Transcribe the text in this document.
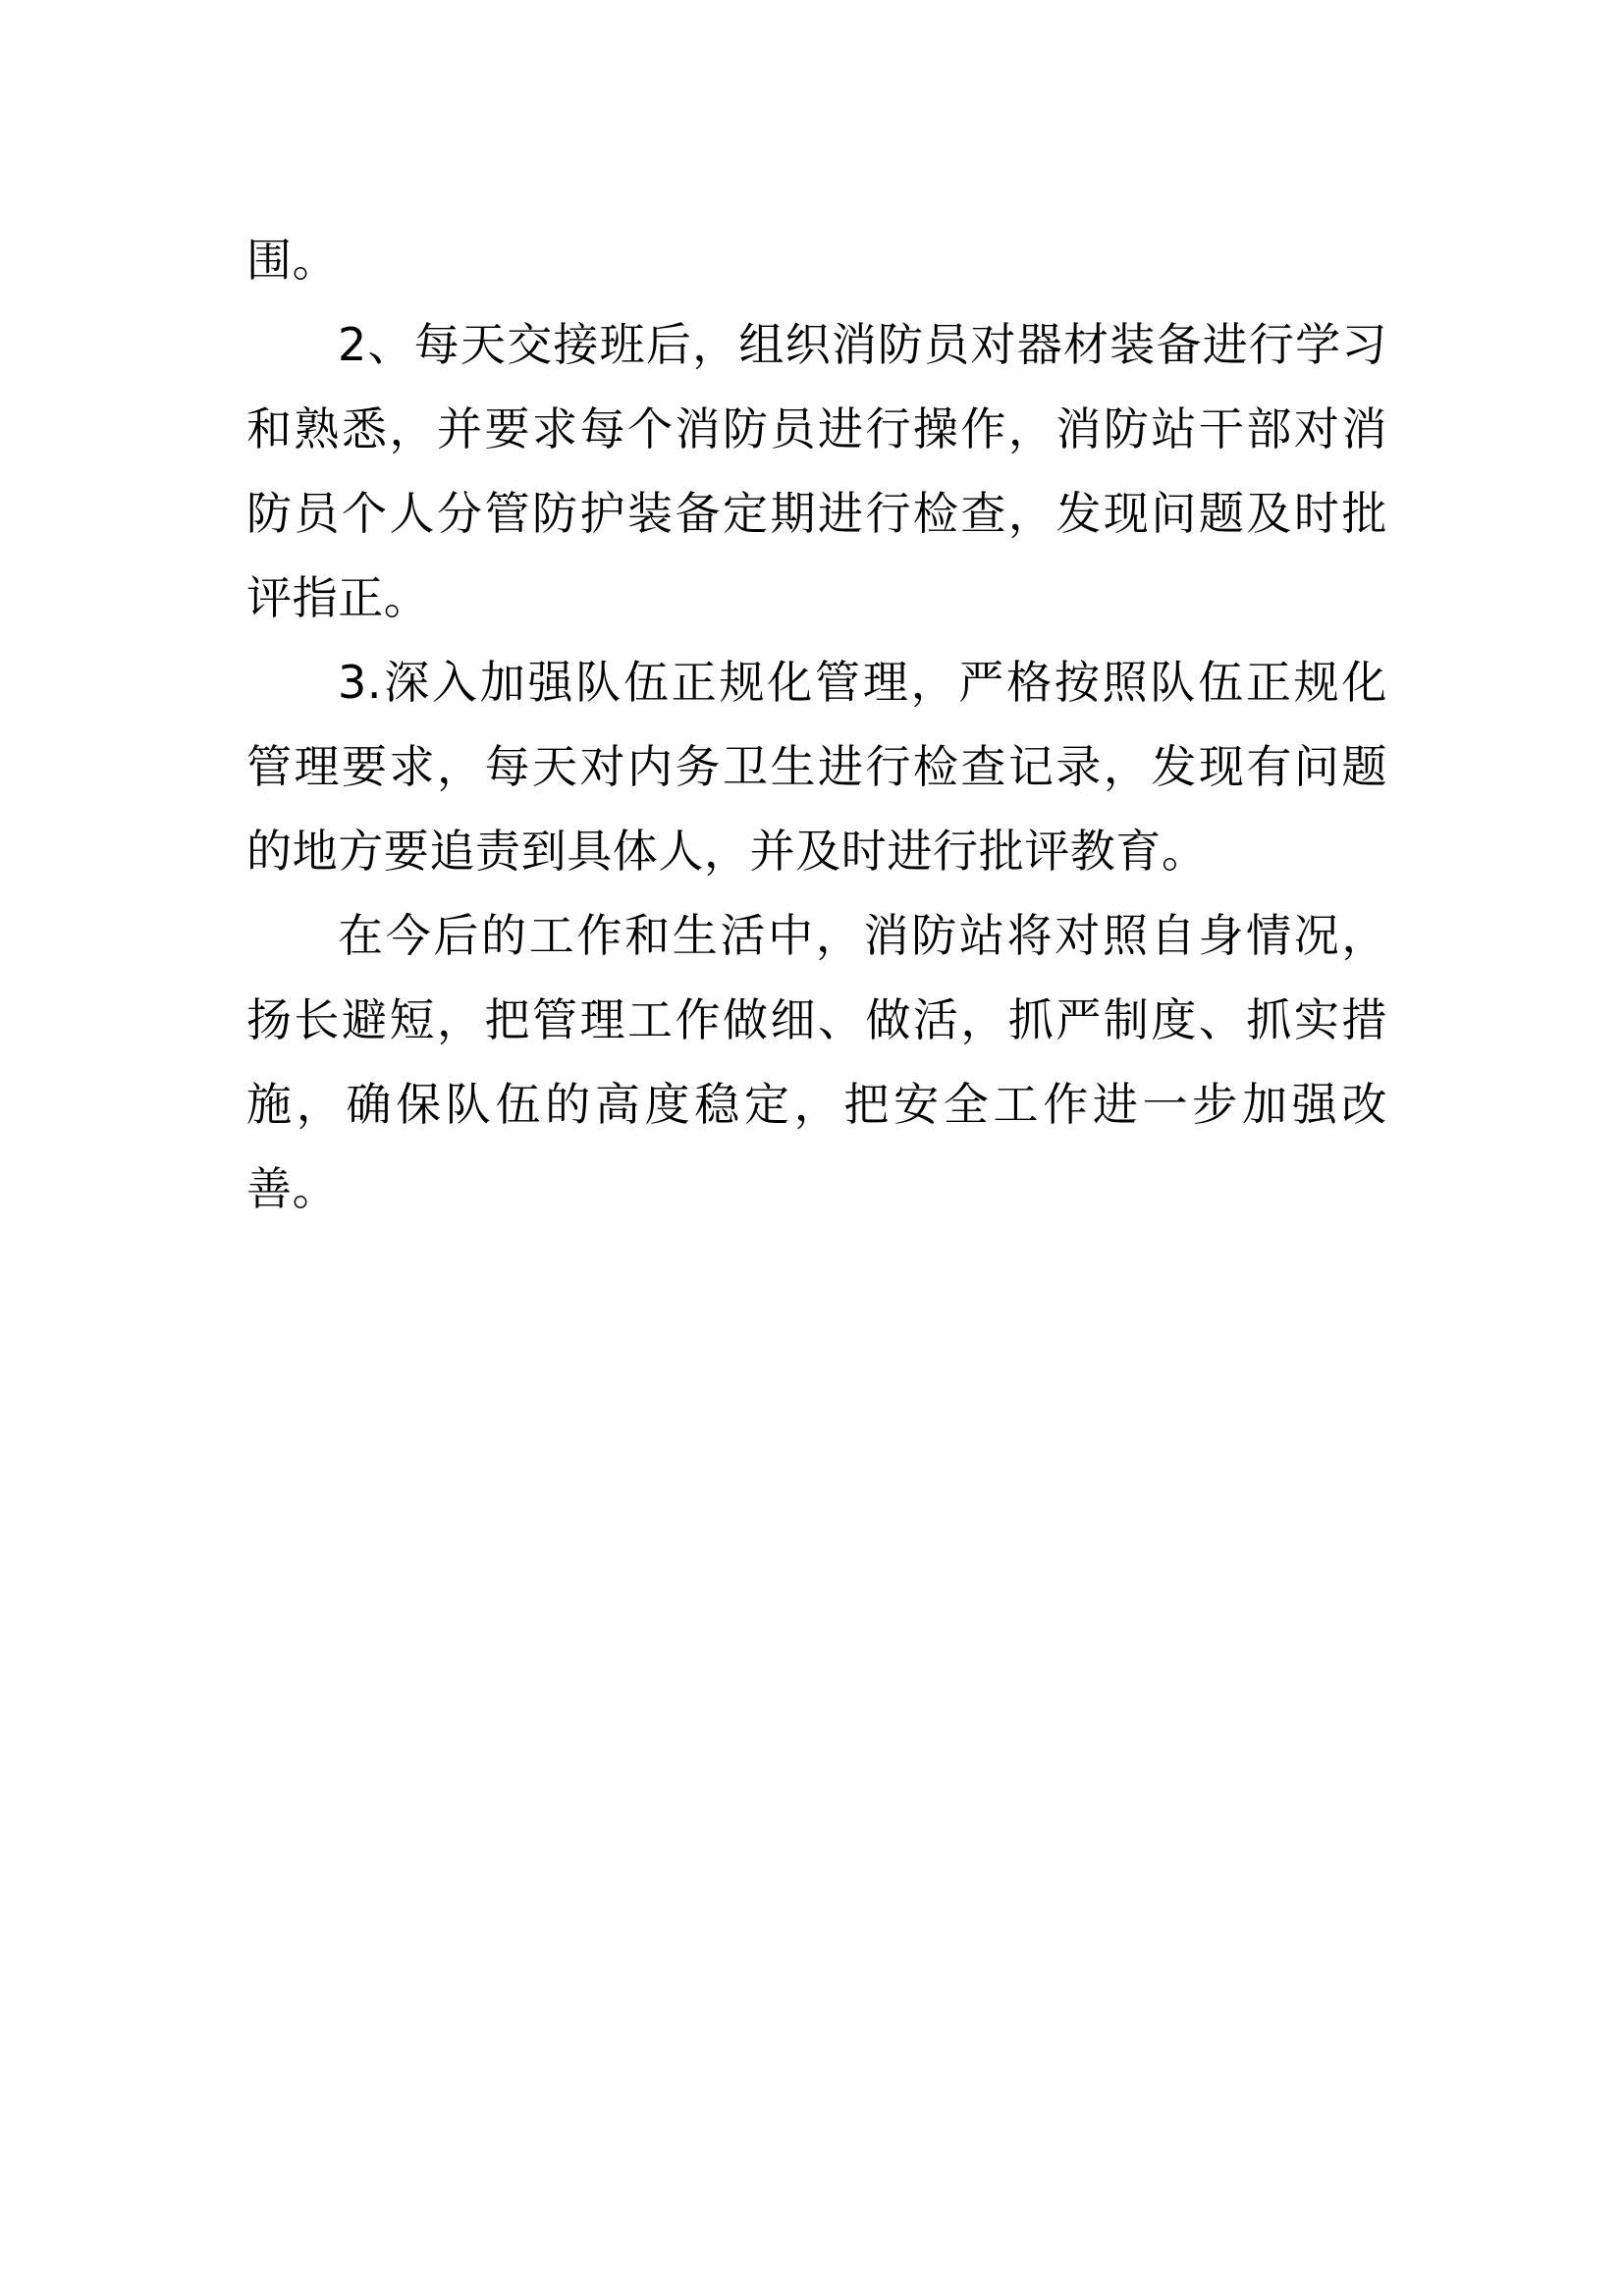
围。

2、每天交接班后，组织消防员对器材装备进行学习和熟悉，并要求每个消防员进行操作，消防站干部对消防员个人分管防护装备定期进行检查，发现问题及时批评指正。

3.深入加强队伍正规化管理，严格按照队伍正规化管理要求，每天对内务卫生进行检查记录，发现有问题的地方要追责到具体人，并及时进行批评教育。

在今后的工作和生活中，消防站将对照自身情况，扬长避短，把管理工作做细、做活，抓严制度、抓实措施，确保队伍的高度稳定，把安全工作进一步加强改善。
